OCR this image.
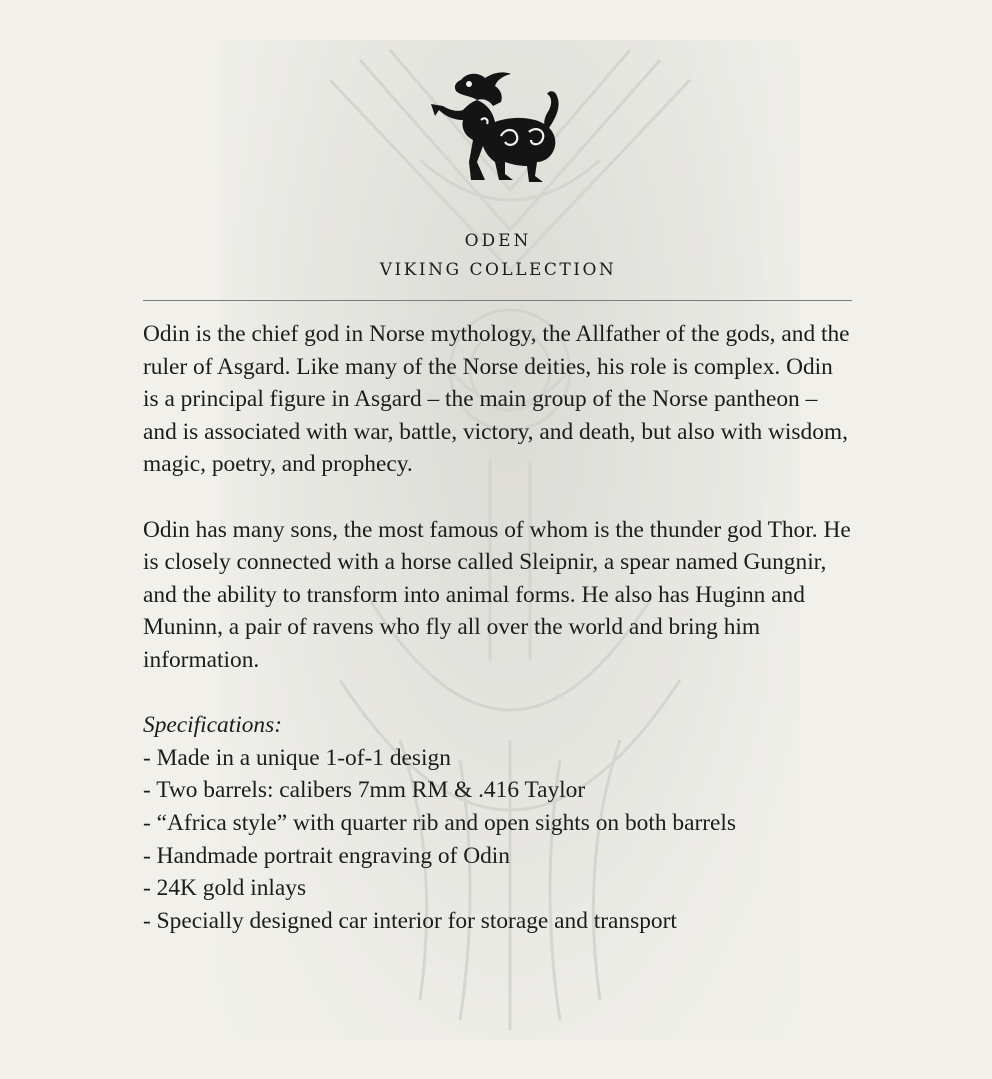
ODEN
VIKING COLLECTION

Odin is the chief god in Norse mythology, the Allfather of the gods, and the ruler of Asgard. Like many of the Norse deities, his role is complex. Odin is a principal figure in Asgard – the main group of the Norse pantheon – and is associated with war, battle, victory, and death, but also with wisdom, magic, poetry, and prophecy.

Odin has many sons, the most famous of whom is the thunder god Thor. He is closely connected with a horse called Sleipnir, a spear named Gungnir, and the ability to transform into animal forms. He also has Huginn and Muninn, a pair of ravens who fly all over the world and bring him information.

Specifications:
- Made in a unique 1-of-1 design
- Two barrels: calibers 7mm RM & .416 Taylor
- “Africa style” with quarter rib and open sights on both barrels
- Handmade portrait engraving of Odin
- 24K gold inlays
- Specially designed car interior for storage and transport
